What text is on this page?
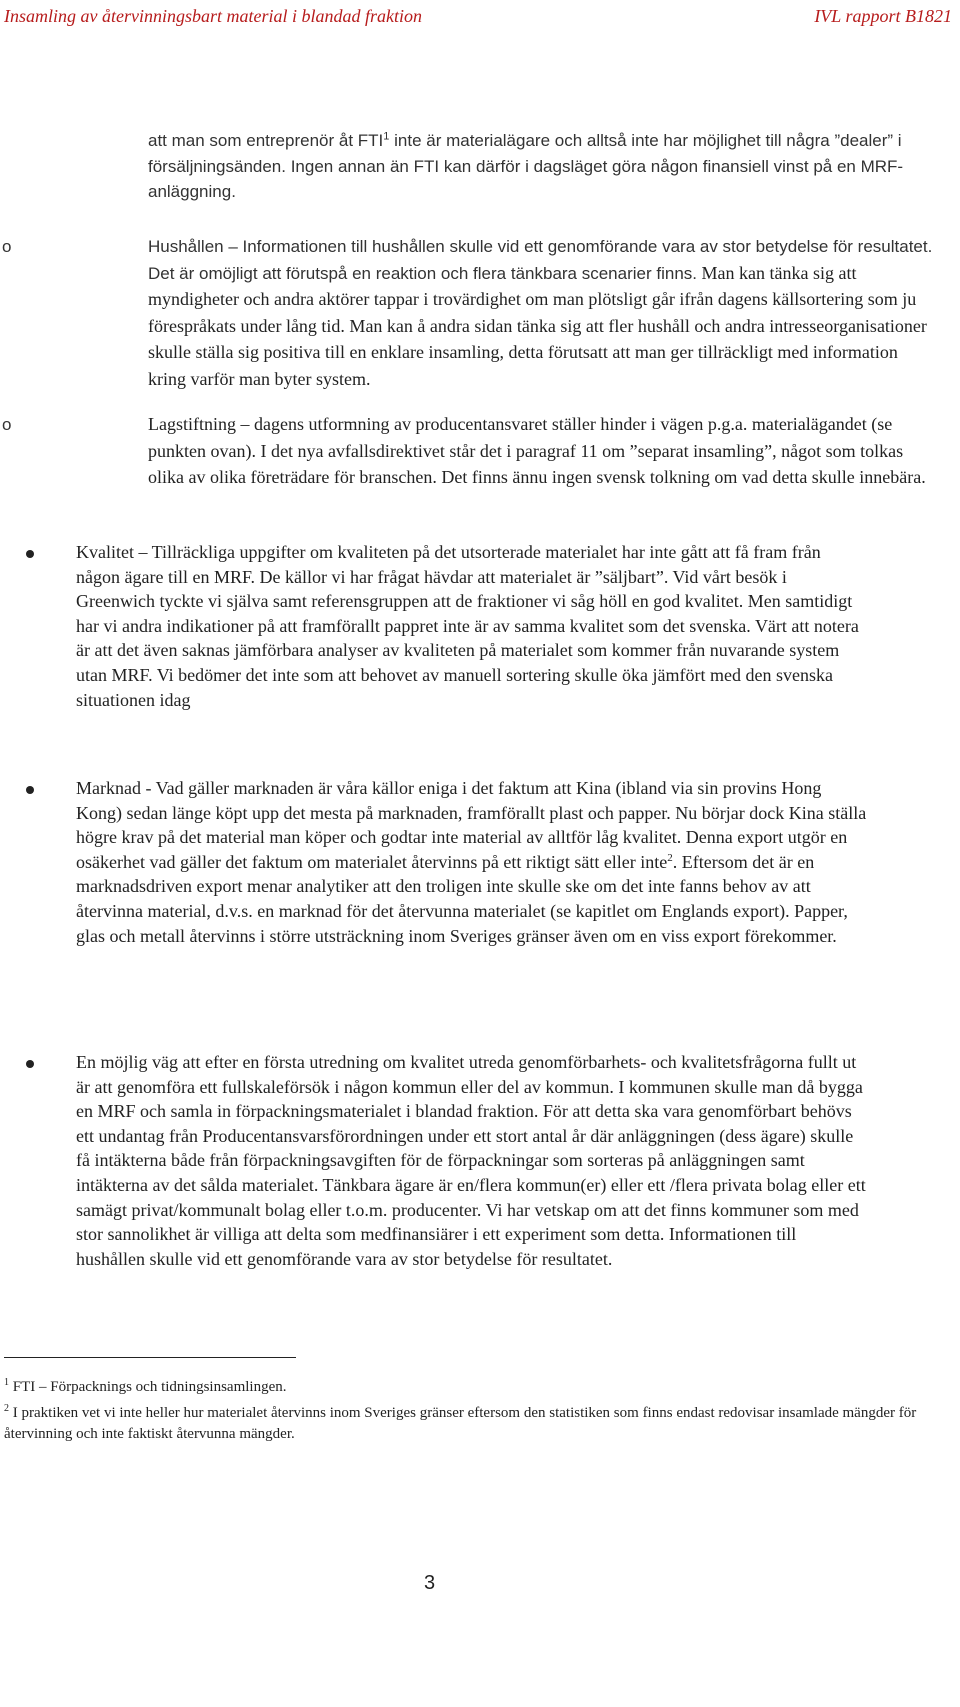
Insamling av återvinningsbart material i blandad fraktion	IVL rapport B1821
att man som entreprenör åt FTI$^1$ inte är materialägare och alltså inte har möjlighet till några ”dealer” i försäljningsänden. Ingen annan än FTI kan därför i dagsläget göra någon finansiell vinst på en MRF-anläggning.
o	Hushållen – Informationen till hushållen skulle vid ett genomförande vara av stor betydelse för resultatet. Det är omöjligt att förutspå en reaktion och flera tänkbara scenarier finns. Man kan tänka sig att myndigheter och andra aktörer tappar i trovärdighet om man plötsligt går ifrån dagens källsortering som ju förespråkats under lång tid. Man kan å andra sidan tänka sig att fler hushåll och andra intresseorganisationer skulle ställa sig positiva till en enklare insamling, detta förutsatt att man ger tillräckligt med information kring varför man byter system.
o	Lagstiftning – dagens utformning av producentansvaret ställer hinder i vägen p.g.a. materialägandet (se punkten ovan). I det nya avfallsdirektivet står det i paragraf 11 om ”separat insamling”, något som tolkas olika av olika företrädare för branschen. Det finns ännu ingen svensk tolkning om vad detta skulle innebära.
Kvalitet – Tillräckliga uppgifter om kvaliteten på det utsorterade materialet har inte gått att få fram från någon ägare till en MRF. De källor vi har frågat hävdar att materialet är ”säljbart”. Vid vårt besök i Greenwich tyckte vi själva samt referensgruppen att de fraktioner vi såg höll en god kvalitet. Men samtidigt har vi andra indikationer på att framförallt pappret inte är av samma kvalitet som det svenska. Värt att notera är att det även saknas jämförbara analyser av kvaliteten på materialet som kommer från nuvarande system utan MRF. Vi bedömer det inte som att behovet av manuell sortering skulle öka jämfört med den svenska situationen idag
Marknad - Vad gäller marknaden är våra källor eniga i det faktum att Kina (ibland via sin provins Hong Kong) sedan länge köpt upp det mesta på marknaden, framförallt plast och papper. Nu börjar dock Kina ställa högre krav på det material man köper och godtar inte material av alltför låg kvalitet. Denna export utgör en osäkerhet vad gäller det faktum om materialet återvinns på ett riktigt sätt eller inte$^2$. Eftersom det är en marknadsdriven export menar analytiker att den troligen inte skulle ske om det inte fanns behov av att återvinna material, d.v.s. en marknad för det återvunna materialet (se kapitlet om Englands export). Papper, glas och metall återvinns i större utsträckning inom Sveriges gränser även om en viss export förekommer.
En möjlig väg att efter en första utredning om kvalitet utreda genomförbarhets- och kvalitetsfrågorna fullt ut är att genomföra ett fullskaleförsök i någon kommun eller del av kommun. I kommunen skulle man då bygga en MRF och samla in förpackningsmaterialet i blandad fraktion. För att detta ska vara genomförbart behövs ett undantag från Producentansvarsförordningen under ett stort antal år där anläggningen (dess ägare) skulle få intäkterna både från förpackningsavgiften för de förpackningar som sorteras på anläggningen samt intäkterna av det sålda materialet. Tänkbara ägare är en/flera kommun(er) eller ett /flera privata bolag eller ett samägt privat/kommunalt bolag eller t.o.m. producenter. Vi har vetskap om att det finns kommuner som med stor sannolikhet är villiga att delta som medfinansiärer i ett experiment som detta. Informationen till hushållen skulle vid ett genomförande vara av stor betydelse för resultatet.
$^1$ FTI – Förpacknings och tidningsinsamlingen.
$^2$ I praktiken vet vi inte heller hur materialet återvinns inom Sveriges gränser eftersom den statistiken som finns endast redovisar insamlade mängder för återvinning och inte faktiskt återvunna mängder.
3
